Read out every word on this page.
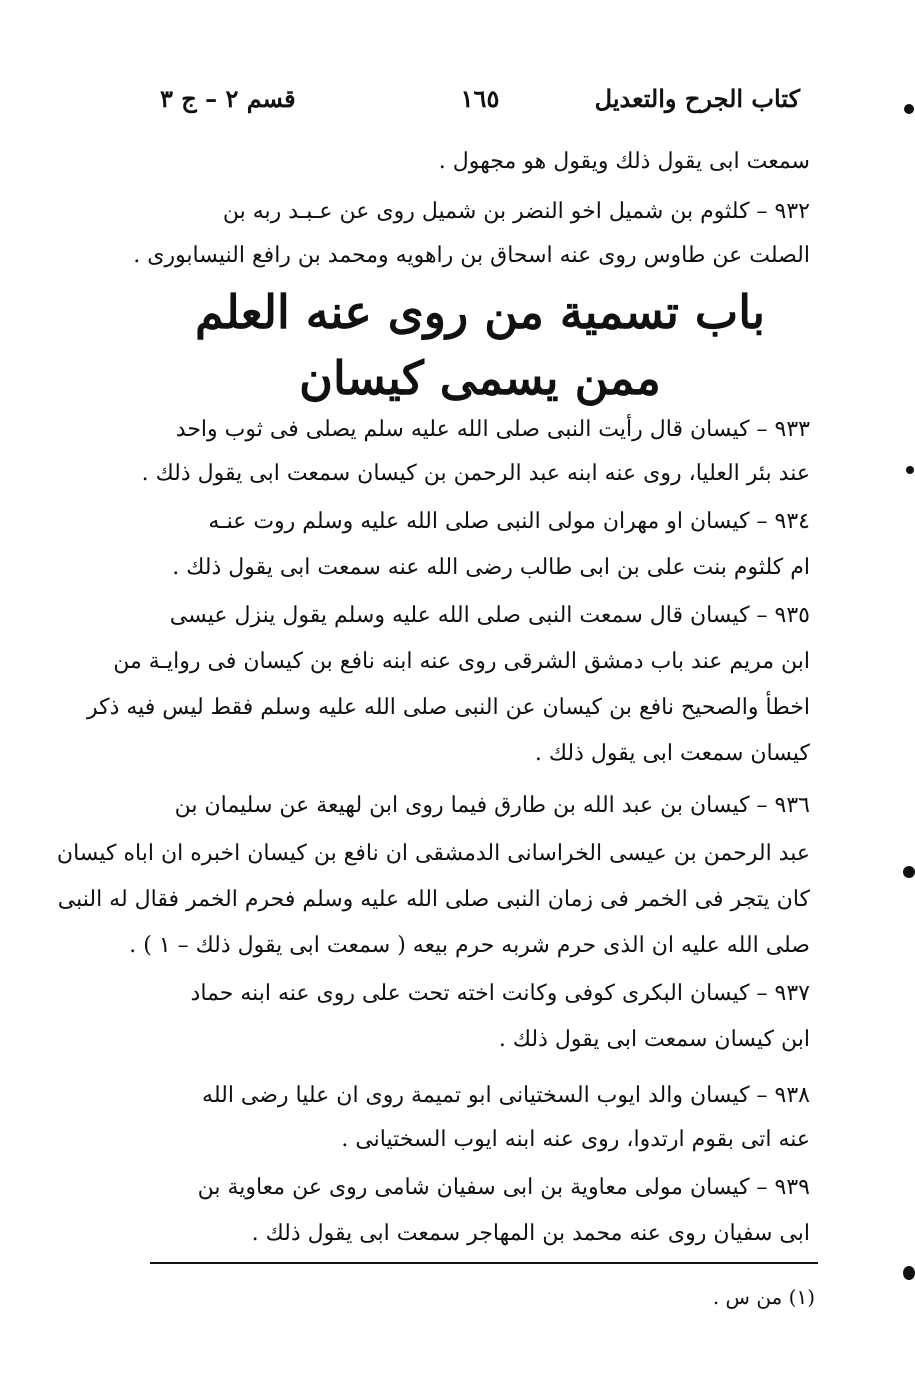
كتاب الجرح والتعديل
١٦٥
قسم ٢ – ج ٣
سمعت ابى يقول ذلك ويقول هو مجهول .
٩٣٢ – كلثوم بن شميل اخو النضر بن شميل روى عن عـبـد ربه بن
الصلت عن طاوس روى عنه اسحاق بن راهويه ومحمد بن رافع النيسابورى .
باب تسمية من روى عنه العلم
ممن يسمى كيسان
٩٣٣ – كيسان قال رأيت النبى صلى الله عليه سلم يصلى فى ثوب واحد
عند بئر العليا، روى عنه ابنه عبد الرحمن بن كيسان سمعت ابى يقول ذلك .
٩٣٤ – كيسان او مهران مولى النبى صلى الله عليه وسلم روت عنـه
ام كلثوم بنت على بن ابى طالب رضى الله عنه سمعت ابى يقول ذلك .
٩٣٥ – كيسان قال سمعت النبى صلى الله عليه وسلم يقول ينزل عيسى
ابن مريم عند باب دمشق الشرقى روى عنه ابنه نافع بن كيسان فى روايـة من
اخطأ والصحيح نافع بن كيسان عن النبى صلى الله عليه وسلم فقط ليس فيه ذكر
كيسان سمعت ابى يقول ذلك .
٩٣٦ – كيسان بن عبد الله بن طارق فيما روى ابن لهيعة عن سليمان بن
عبد الرحمن بن عيسى الخراسانى الدمشقى ان نافع بن كيسان اخبره ان اباه كيسان
كان يتجر فى الخمر فى زمان النبى صلى الله عليه وسلم فحرم الخمر فقال له النبى
صلى الله عليه ان الذى حرم شربه حرم بيعه ( سمعت ابى يقول ذلك – ١ ) .
٩٣٧ – كيسان البكرى كوفى وكانت اخته تحت على روى عنه ابنه حماد
ابن كيسان سمعت ابى يقول ذلك .
٩٣٨ – كيسان والد ايوب السختيانى ابو تميمة روى ان عليا رضى الله
عنه اتى بقوم ارتدوا، روى عنه ابنه ايوب السختيانى .
٩٣٩ – كيسان مولى معاوية بن ابى سفيان شامى روى عن معاوية بن
ابى سفيان روى عنه محمد بن المهاجر سمعت ابى يقول ذلك .
(١) من س .
